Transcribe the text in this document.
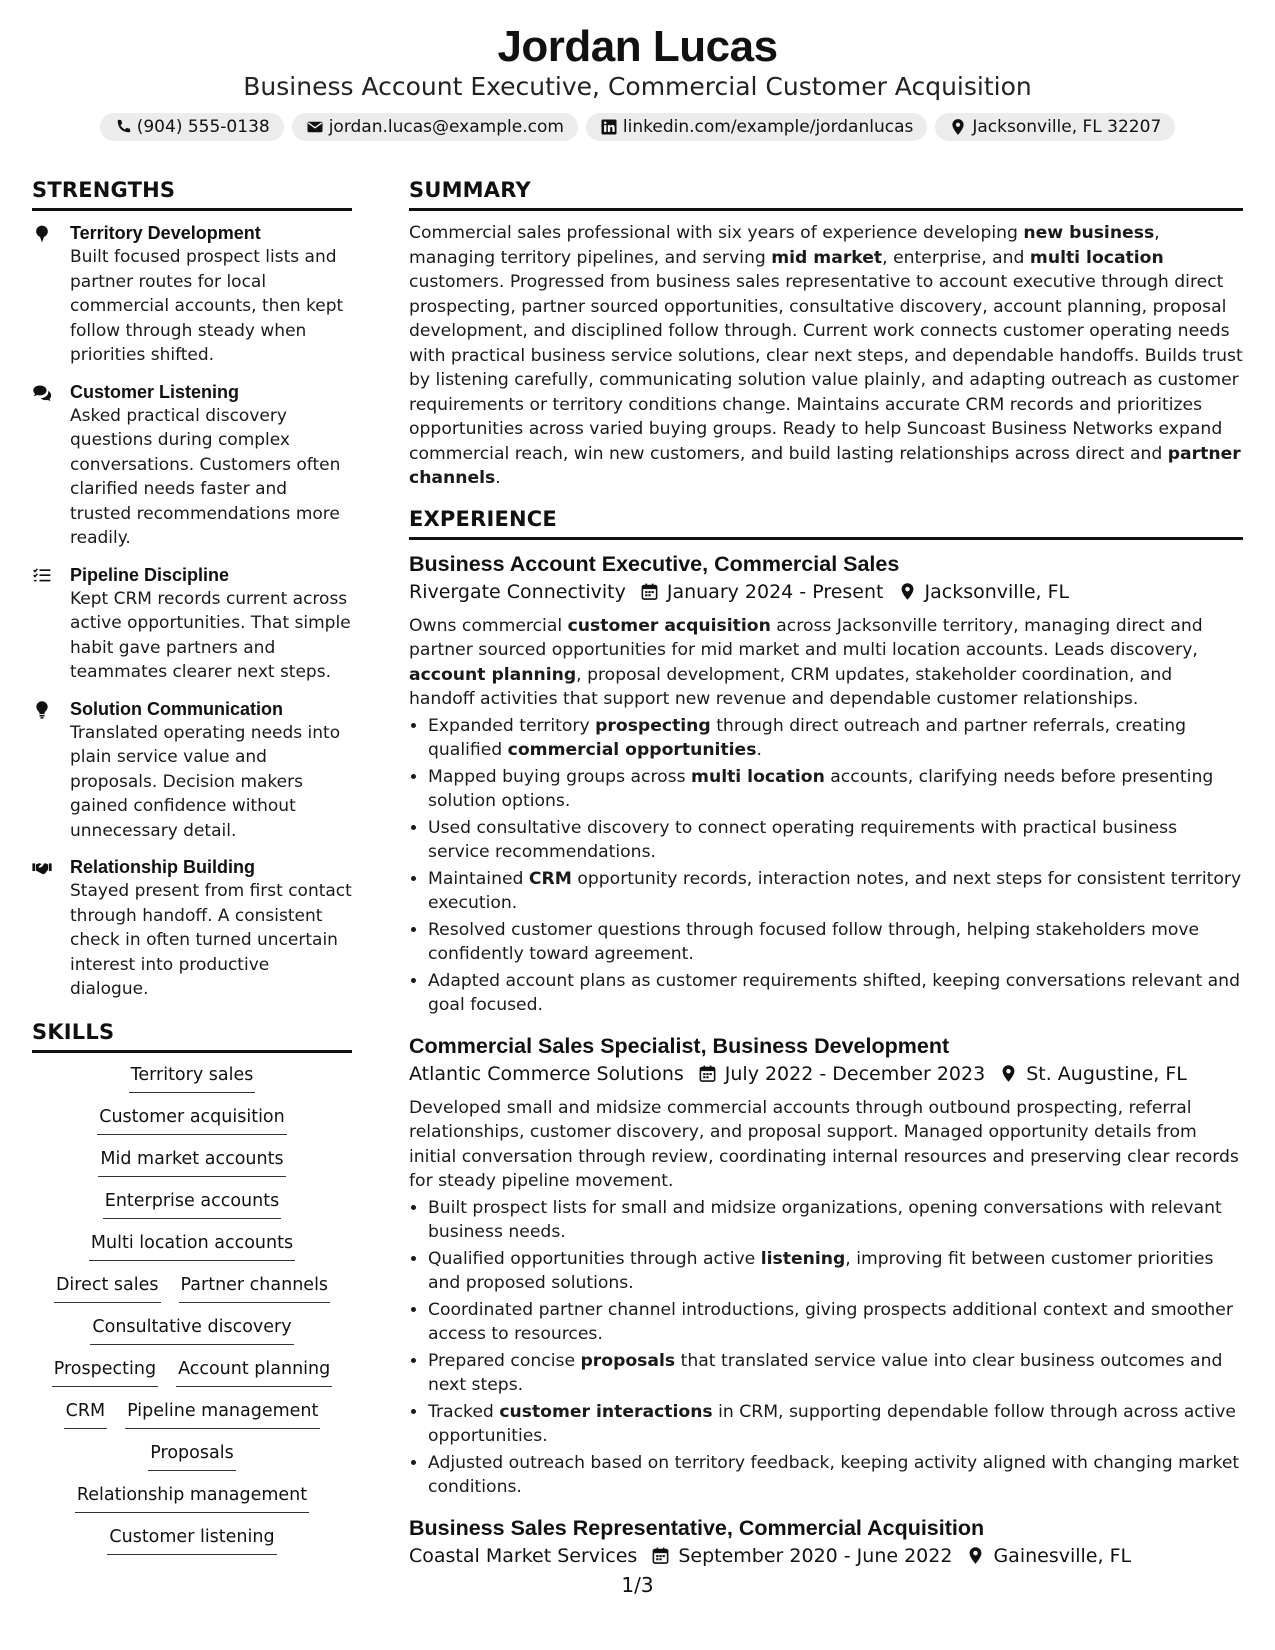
Jordan Lucas
Business Account Executive, Commercial Customer Acquisition
(904) 555-0138	jordan.lucas@example.com	linkedin.com/example/jordanlucas	Jacksonville, FL 32207
STRENGTHS
Territory Development
Built focused prospect lists and partner routes for local commercial accounts, then kept follow through steady when priorities shifted.
Customer Listening
Asked practical discovery questions during complex conversations. Customers often clarified needs faster and trusted recommendations more readily.
Pipeline Discipline
Kept CRM records current across active opportunities. That simple habit gave partners and teammates clearer next steps.
Solution Communication
Translated operating needs into plain service value and proposals. Decision makers gained confidence without unnecessary detail.
Relationship Building
Stayed present from first contact through handoff. A consistent check in often turned uncertain interest into productive dialogue.
SKILLS
Territory sales
Customer acquisition
Mid market accounts
Enterprise accounts
Multi location accounts
Direct sales Partner channels
Consultative discovery
Prospecting Account planning
CRM Pipeline management
Proposals
Relationship management
Customer listening
SUMMARY
Commercial sales professional with six years of experience developing new business, managing territory pipelines, and serving mid market, enterprise, and multi location customers. Progressed from business sales representative to account executive through direct prospecting, partner sourced opportunities, consultative discovery, account planning, proposal development, and disciplined follow through. Current work connects customer operating needs with practical business service solutions, clear next steps, and dependable handoffs. Builds trust by listening carefully, communicating solution value plainly, and adapting outreach as customer requirements or territory conditions change. Maintains accurate CRM records and prioritizes opportunities across varied buying groups. Ready to help Suncoast Business Networks expand commercial reach, win new customers, and build lasting relationships across direct and partner channels.
EXPERIENCE
Business Account Executive, Commercial Sales
Rivergate Connectivity January 2024 - Present Jacksonville, FL
Owns commercial customer acquisition across Jacksonville territory, managing direct and partner sourced opportunities for mid market and multi location accounts. Leads discovery, account planning, proposal development, CRM updates, stakeholder coordination, and handoff activities that support new revenue and dependable customer relationships.
• Expanded territory prospecting through direct outreach and partner referrals, creating qualified commercial opportunities.
• Mapped buying groups across multi location accounts, clarifying needs before presenting solution options.
• Used consultative discovery to connect operating requirements with practical business service recommendations.
• Maintained CRM opportunity records, interaction notes, and next steps for consistent territory execution.
• Resolved customer questions through focused follow through, helping stakeholders move confidently toward agreement.
• Adapted account plans as customer requirements shifted, keeping conversations relevant and goal focused.
Commercial Sales Specialist, Business Development
Atlantic Commerce Solutions July 2022 - December 2023 St. Augustine, FL
Developed small and midsize commercial accounts through outbound prospecting, referral relationships, customer discovery, and proposal support. Managed opportunity details from initial conversation through review, coordinating internal resources and preserving clear records for steady pipeline movement.
• Built prospect lists for small and midsize organizations, opening conversations with relevant business needs.
• Qualified opportunities through active listening, improving fit between customer priorities and proposed solutions.
• Coordinated partner channel introductions, giving prospects additional context and smoother access to resources.
• Prepared concise proposals that translated service value into clear business outcomes and next steps.
• Tracked customer interactions in CRM, supporting dependable follow through across active opportunities.
• Adjusted outreach based on territory feedback, keeping activity aligned with changing market conditions.
Business Sales Representative, Commercial Acquisition
Coastal Market Services September 2020 - June 2022 Gainesville, FL
1/3
